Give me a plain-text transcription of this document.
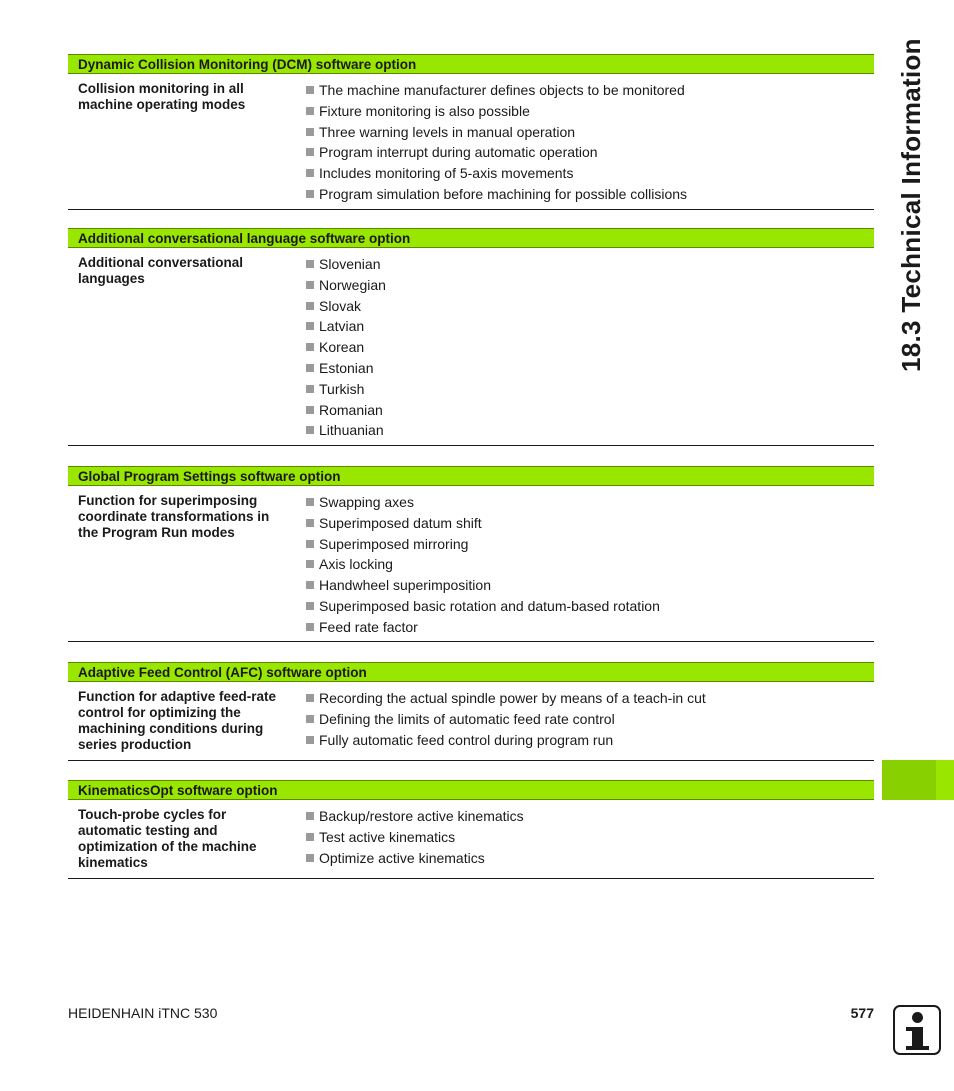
18.3 Technical Information
Dynamic Collision Monitoring (DCM) software option
Collision monitoring in all machine operating modes
The machine manufacturer defines objects to be monitored
Fixture monitoring is also possible
Three warning levels in manual operation
Program interrupt during automatic operation
Includes monitoring of 5-axis movements
Program simulation before machining for possible collisions
Additional conversational language software option
Additional conversational languages
Slovenian
Norwegian
Slovak
Latvian
Korean
Estonian
Turkish
Romanian
Lithuanian
Global Program Settings software option
Function for superimposing coordinate transformations in the Program Run modes
Swapping axes
Superimposed datum shift
Superimposed mirroring
Axis locking
Handwheel superimposition
Superimposed basic rotation and datum-based rotation
Feed rate factor
Adaptive Feed Control (AFC) software option
Function for adaptive feed-rate control for optimizing the machining conditions during series production
Recording the actual spindle power by means of a teach-in cut
Defining the limits of automatic feed rate control
Fully automatic feed control during program run
KinematicsOpt software option
Touch-probe cycles for automatic testing and optimization of the machine kinematics
Backup/restore active kinematics
Test active kinematics
Optimize active kinematics
HEIDENHAIN iTNC 530	577
